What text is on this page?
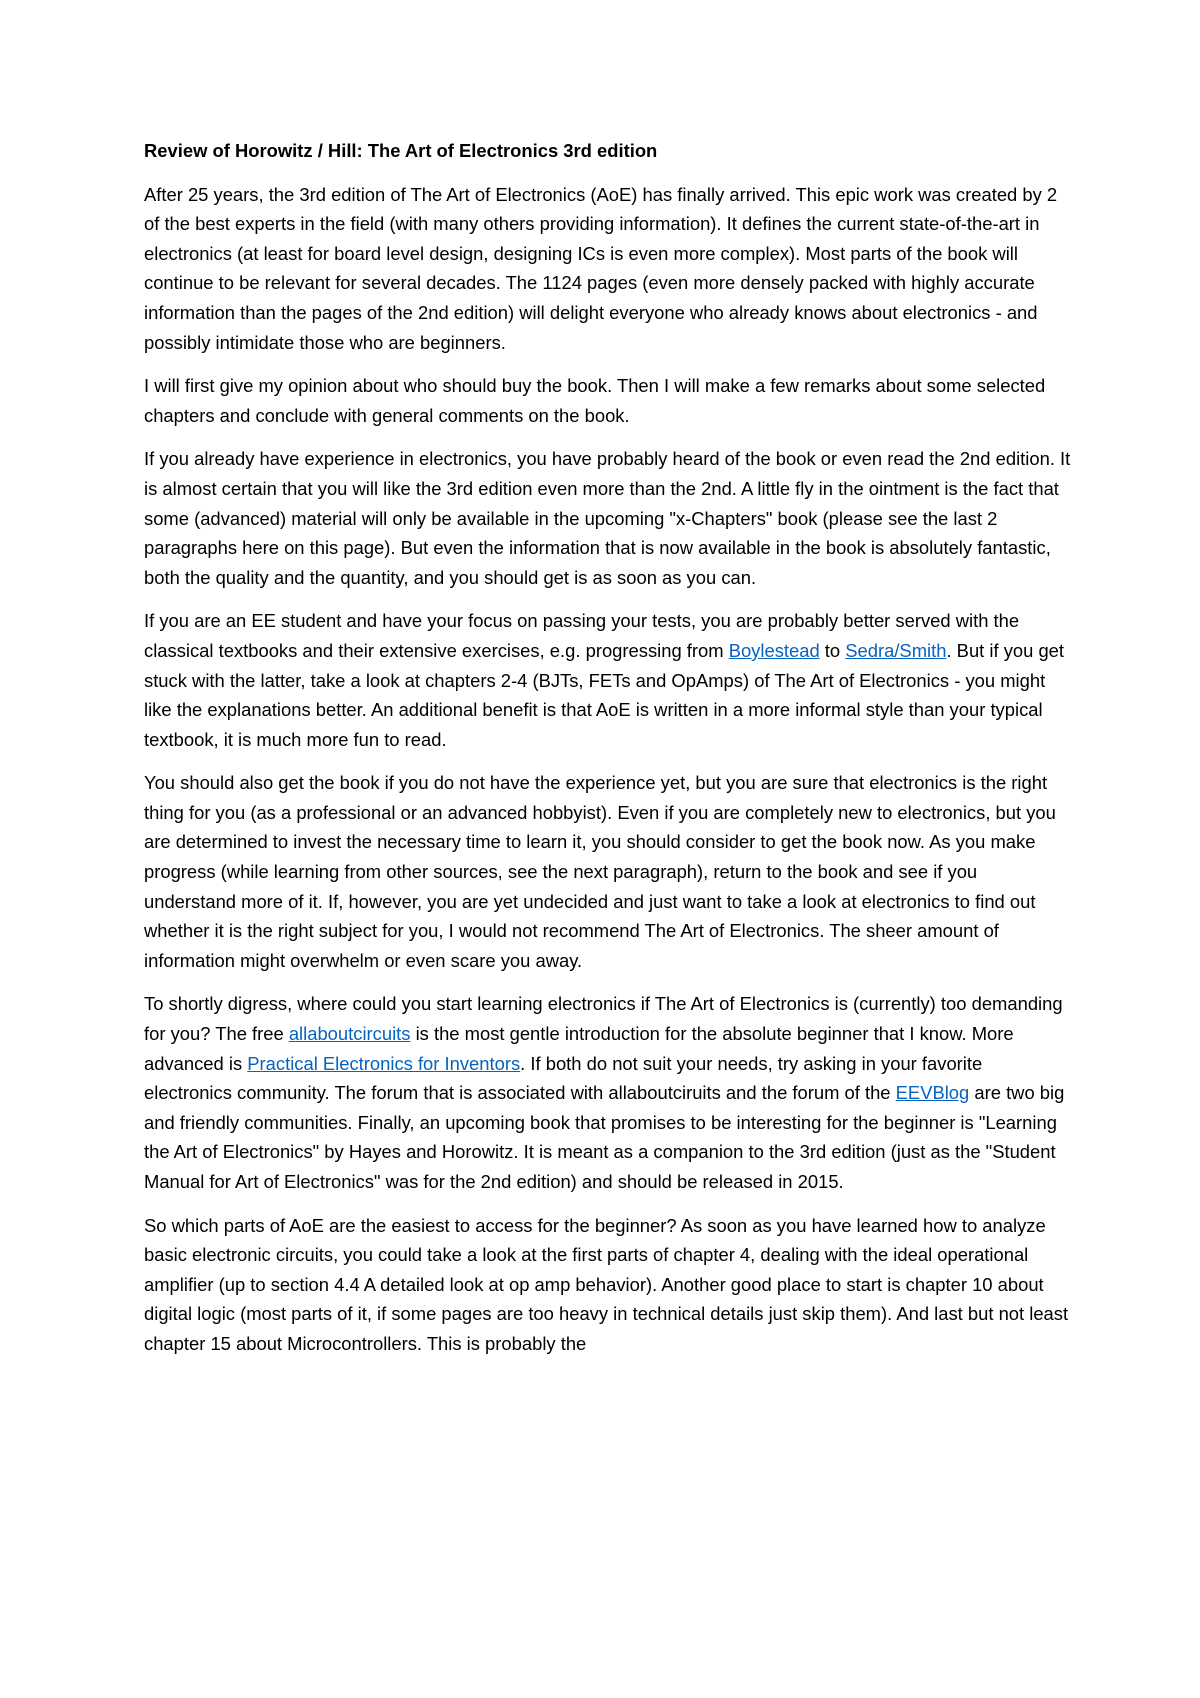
Review of Horowitz / Hill: The Art of Electronics 3rd edition

After 25 years, the 3rd edition of The Art of Electronics (AoE) has finally arrived. This epic work was created by 2 of the best experts in the field (with many others providing information). It defines the current state-of-the-art in electronics (at least for board level design, designing ICs is even more complex). Most parts of the book will continue to be relevant for several decades. The 1124 pages (even more densely packed with highly accurate information than the pages of the 2nd edition) will delight everyone who already knows about electronics - and possibly intimidate those who are beginners.

I will first give my opinion about who should buy the book. Then I will make a few remarks about some selected chapters and conclude with general comments on the book.

If you already have experience in electronics, you have probably heard of the book or even read the 2nd edition. It is almost certain that you will like the 3rd edition even more than the 2nd. A little fly in the ointment is the fact that some (advanced) material will only be available in the upcoming "x-Chapters" book (please see the last 2 paragraphs here on this page). But even the information that is now available in the book is absolutely fantastic, both the quality and the quantity, and you should get is as soon as you can.

If you are an EE student and have your focus on passing your tests, you are probably better served with the classical textbooks and their extensive exercises, e.g. progressing from Boylestead to Sedra/Smith. But if you get stuck with the latter, take a look at chapters 2-4 (BJTs, FETs and OpAmps) of The Art of Electronics - you might like the explanations better. An additional benefit is that AoE is written in a more informal style than your typical textbook, it is much more fun to read.

You should also get the book if you do not have the experience yet, but you are sure that electronics is the right thing for you (as a professional or an advanced hobbyist). Even if you are completely new to electronics, but you are determined to invest the necessary time to learn it, you should consider to get the book now. As you make progress (while learning from other sources, see the next paragraph), return to the book and see if you understand more of it. If, however, you are yet undecided and just want to take a look at electronics to find out whether it is the right subject for you, I would not recommend The Art of Electronics. The sheer amount of information might overwhelm or even scare you away.

To shortly digress, where could you start learning electronics if The Art of Electronics is (currently) too demanding for you? The free allaboutcircuits is the most gentle introduction for the absolute beginner that I know. More advanced is Practical Electronics for Inventors. If both do not suit your needs, try asking in your favorite electronics community. The forum that is associated with allaboutciruits and the forum of the EEVBlog are two big and friendly communities. Finally, an upcoming book that promises to be interesting for the beginner is "Learning the Art of Electronics" by Hayes and Horowitz. It is meant as a companion to the 3rd edition (just as the "Student Manual for Art of Electronics" was for the 2nd edition) and should be released in 2015.

So which parts of AoE are the easiest to access for the beginner? As soon as you have learned how to analyze basic electronic circuits, you could take a look at the first parts of chapter 4, dealing with the ideal operational amplifier (up to section 4.4 A detailed look at op amp behavior). Another good place to start is chapter 10 about digital logic (most parts of it, if some pages are too heavy in technical details just skip them). And last but not least chapter 15 about Microcontrollers. This is probably the
